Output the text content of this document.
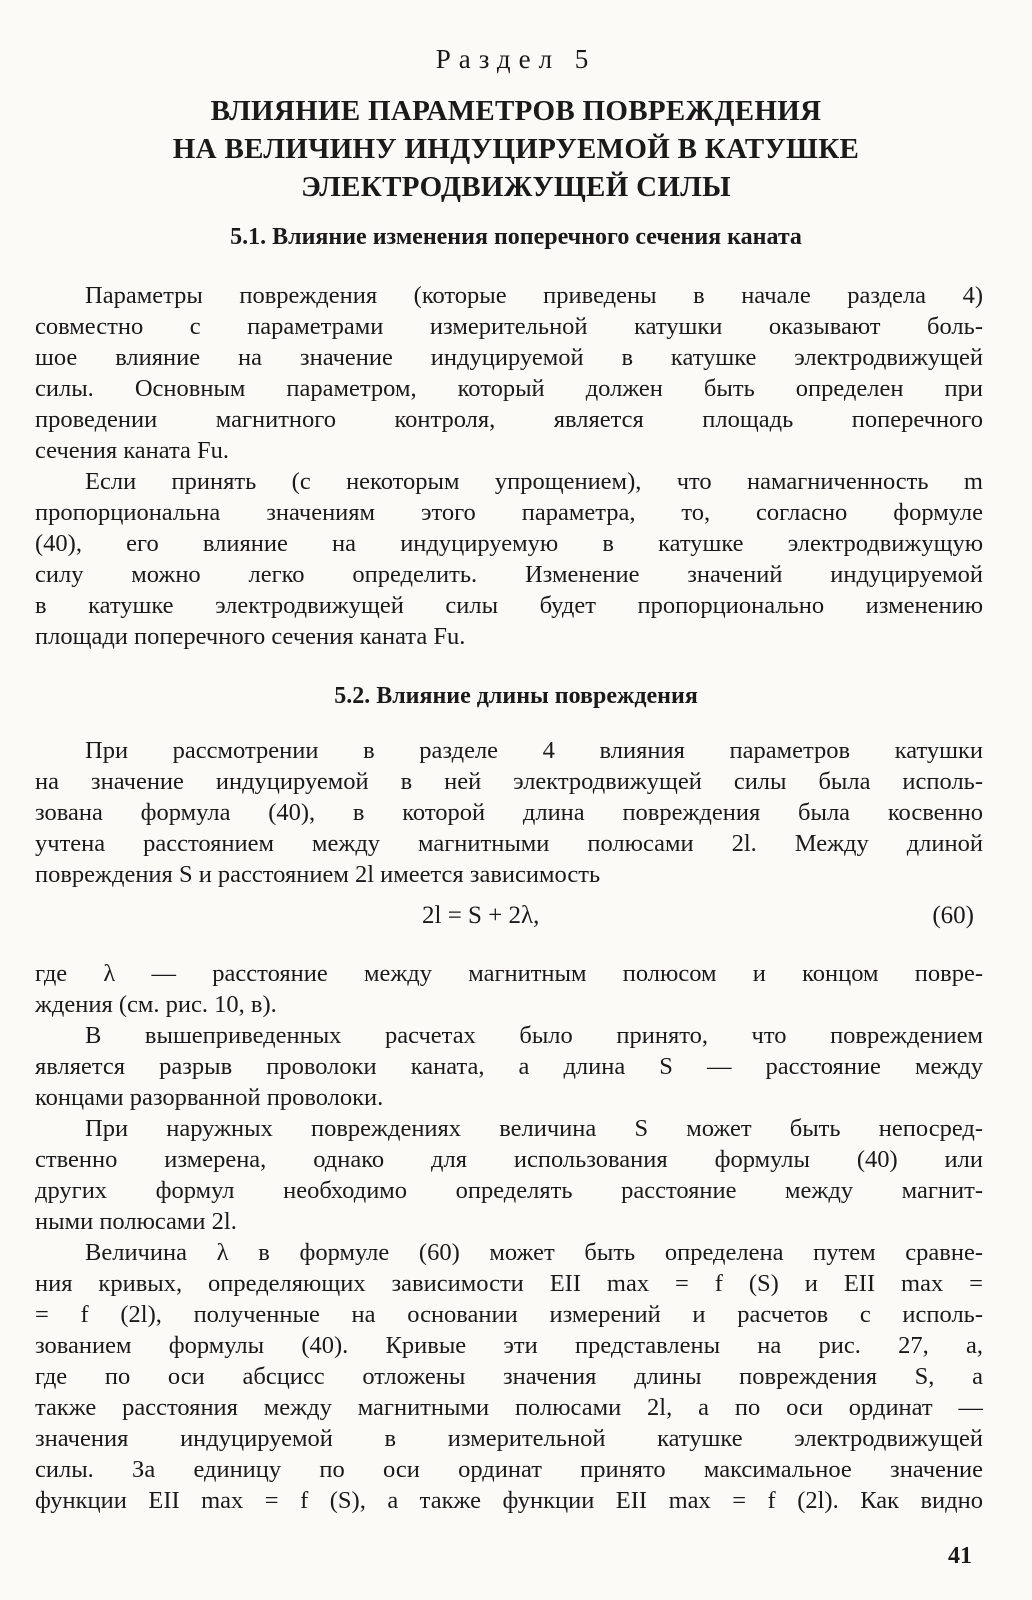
Раздел 5
ВЛИЯНИЕ ПАРАМЕТРОВ ПОВРЕЖДЕНИЯ
НА ВЕЛИЧИНУ ИНДУЦИРУЕМОЙ В КАТУШКЕ
ЭЛЕКТРОДВИЖУЩЕЙ СИЛЫ
5.1. Влияние изменения поперечного сечения каната
Параметры повреждения (которые приведены в начале раздела 4)
совместно с параметрами измерительной катушки оказывают боль-
шое влияние на значение индуцируемой в катушке электродвижущей
силы. Основным параметром, который должен быть определен при
проведении магнитного контроля, является площадь поперечного
сечения каната Fu.
Если принять (с некоторым упрощением), что намагниченность m
пропорциональна значениям этого параметра, то, согласно формуле
(40), его влияние на индуцируемую в катушке электродвижущую
силу можно легко определить. Изменение значений индуцируемой
в катушке электродвижущей силы будет пропорционально изменению
площади поперечного сечения каната Fu.
5.2. Влияние длины повреждения
При рассмотрении в разделе 4 влияния параметров катушки
на значение индуцируемой в ней электродвижущей силы была исполь-
зована формула (40), в которой длина повреждения была косвенно
учтена расстоянием между магнитными полюсами 2l. Между длиной
повреждения S и расстоянием 2l имеется зависимость
2l = S + 2λ,	(60)
где λ — расстояние между магнитным полюсом и концом повре-
ждения (см. рис. 10, в).
В вышеприведенных расчетах было принято, что повреждением
является разрыв проволоки каната, а длина S — расстояние между
концами разорванной проволоки.
При наружных повреждениях величина S может быть непосред-
ственно измерена, однако для использования формулы (40) или
других формул необходимо определять расстояние между магнит-
ными полюсами 2l.
Величина λ в формуле (60) может быть определена путем сравне-
ния кривых, определяющих зависимости EII max = f (S) и EII max =
= f (2l), полученные на основании измерений и расчетов с исполь-
зованием формулы (40). Кривые эти представлены на рис. 27, а,
где по оси абсцисс отложены значения длины повреждения S, а
также расстояния между магнитными полюсами 2l, а по оси ординат —
значения индуцируемой в измерительной катушке электродвижущей
силы. За единицу по оси ординат принято максимальное значение
функции EII max = f (S), а также функции EII max = f (2l). Как видно
41
